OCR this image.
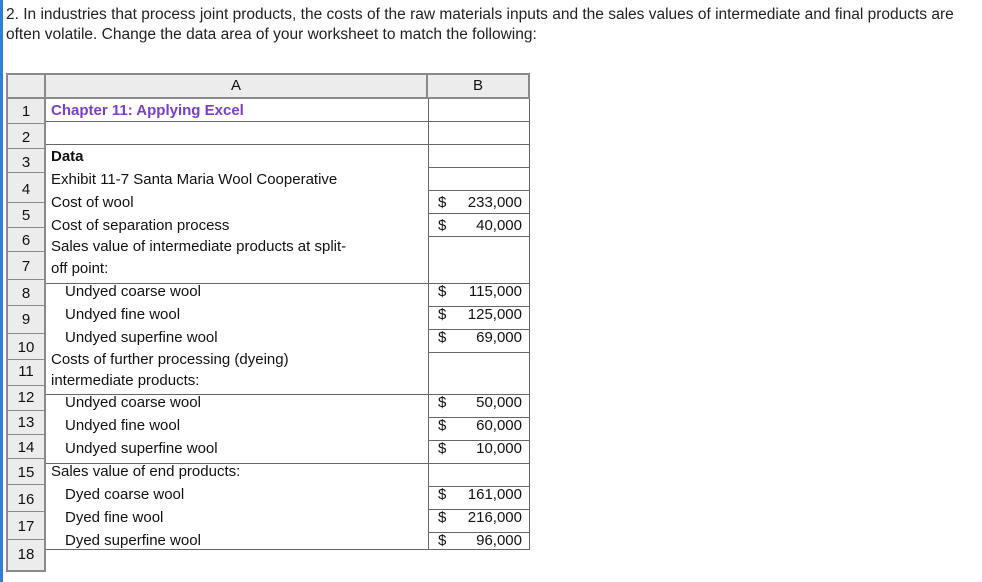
2. In industries that process joint products, the costs of the raw materials inputs and the sales values of intermediate and final products are often volatile. Change the data area of your worksheet to match the following:
A	B
1
2
3
4
5
6
7
8
9
10
11
12
13
14
15
16
17
18
Chapter 11: Applying Excel
Data
Exhibit 11-7 Santa Maria Wool Cooperative
Cost of wool
Cost of separation process
Sales value of intermediate products at split-
off point:
Undyed coarse wool
Undyed fine wool
Undyed superfine wool
Costs of further processing (dyeing)
intermediate products:
Undyed coarse wool
Undyed fine wool
Undyed superfine wool
Sales value of end products:
Dyed coarse wool
Dyed fine wool
Dyed superfine wool
$ 233,000
$ 40,000
$ 115,000
$ 125,000
$ 69,000
$ 50,000
$ 60,000
$ 10,000
$ 161,000
$ 216,000
$ 96,000
